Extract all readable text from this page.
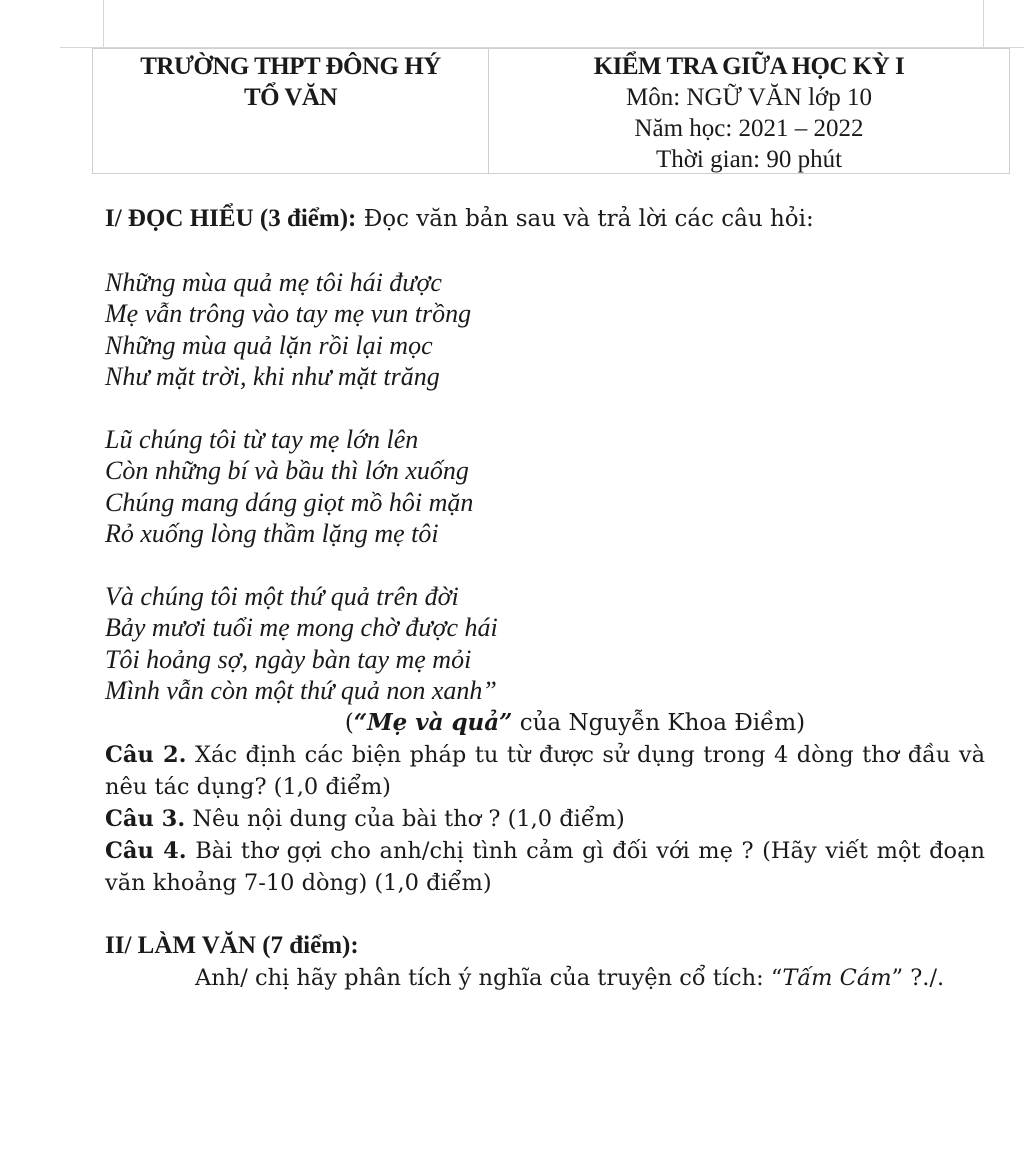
TRƯỜNG THPT ĐÔNG HÝ
TỔ VĂN
KIỂM TRA GIỮA HỌC KỲ I
Môn: NGỮ VĂN lớp 10
Năm học: 2021 – 2022
Thời gian: 90 phút

I/ ĐỌC HIỂU (3 điểm): Đọc văn bản sau và trả lời các câu hỏi:

Những mùa quả mẹ tôi hái được

Mẹ vẫn trông vào tay mẹ vun trồng

Những mùa quả lặn rồi lại mọc

Như mặt trời, khi như mặt trăng

Lũ chúng tôi từ tay mẹ lớn lên

Còn những bí và bầu thì lớn xuống

Chúng mang dáng giọt mồ hôi mặn

Rỏ xuống lòng thầm lặng mẹ tôi

Và chúng tôi một thứ quả trên đời

Bảy mươi tuổi mẹ mong chờ được hái

Tôi hoảng sợ, ngày bàn tay mẹ mỏi

Mình vẫn còn một thứ quả non xanh”

(“Mẹ và quả” của Nguyễn Khoa Điềm)

Câu 2. Xác định các biện pháp tu từ được sử dụng trong 4 dòng thơ đầu và nêu tác dụng? (1,0 điểm)

Câu 3. Nêu nội dung của bài thơ ? (1,0 điểm)

Câu 4. Bài thơ gợi cho anh/chị tình cảm gì đối với mẹ ? (Hãy viết một đoạn văn khoảng 7-10 dòng) (1,0 điểm)

II/ LÀM VĂN (7 điểm):

Anh/ chị hãy phân tích ý nghĩa của truyện cổ tích: “Tấm Cám” ?./.
